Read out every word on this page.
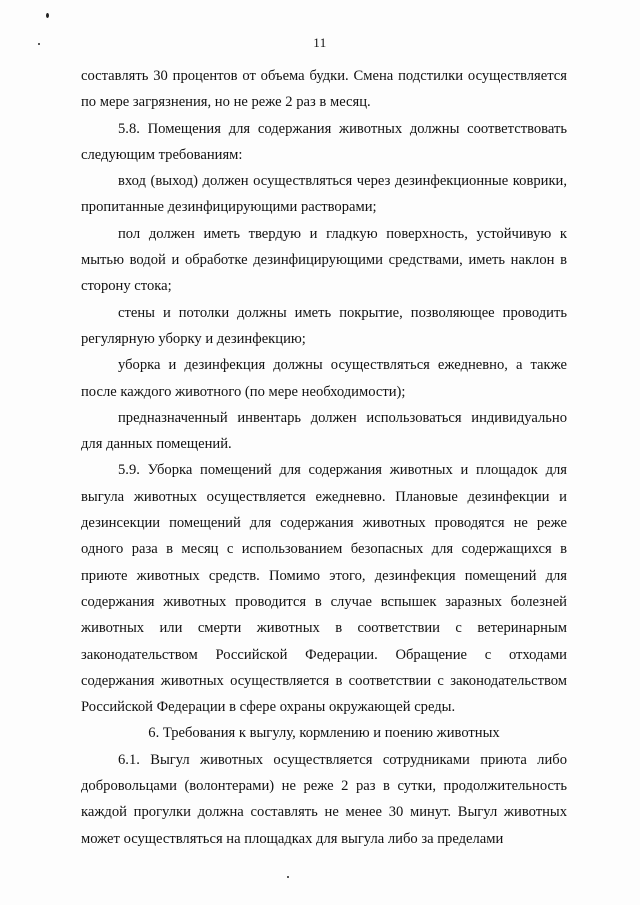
11

составлять 30 процентов от объема будки. Смена подстилки осуществляется по мере загрязнения, но не реже 2 раз в месяц.

5.8. Помещения для содержания животных должны соответствовать следующим требованиям:

вход (выход) должен осуществляться через дезинфекционные коврики, пропитанные дезинфицирующими растворами;

пол должен иметь твердую и гладкую поверхность, устойчивую к мытью водой и обработке дезинфицирующими средствами, иметь наклон в сторону стока;

стены и потолки должны иметь покрытие, позволяющее проводить регулярную уборку и дезинфекцию;

уборка и дезинфекция должны осуществляться ежедневно, а также после каждого животного (по мере необходимости);

предназначенный инвентарь должен использоваться индивидуально для данных помещений.

5.9. Уборка помещений для содержания животных и площадок для выгула животных осуществляется ежедневно. Плановые дезинфекции и дезинсекции помещений для содержания животных проводятся не реже одного раза в месяц с использованием безопасных для содержащихся в приюте животных средств. Помимо этого, дезинфекция помещений для содержания животных проводится в случае вспышек заразных болезней животных или смерти животных в соответствии с ветеринарным законодательством Российской Федерации. Обращение с отходами содержания животных осуществляется в соответствии с законодательством Российской Федерации в сфере охраны окружающей среды.

6. Требования к выгулу, кормлению и поению животных

6.1. Выгул животных осуществляется сотрудниками приюта либо добровольцами (волонтерами) не реже 2 раз в сутки, продолжительность каждой прогулки должна составлять не менее 30 минут. Выгул животных может осуществляться на площадках для выгула либо за пределами
